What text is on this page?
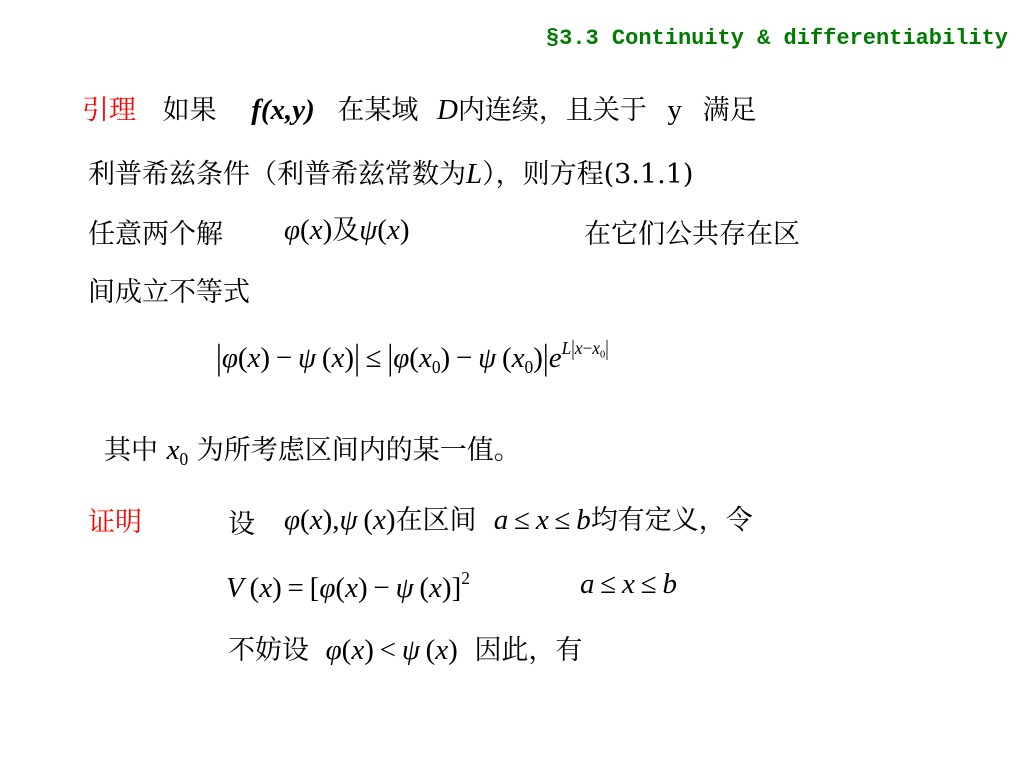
§3.3 Continuity & differentiability
引理 如果 f(x,y) 在某域 D内连续，且关于 y 满足
利普希兹条件（利普希兹常数为L），则方程(3.1.1)
任意两个解 φ(x)及ψ(x)	在它们公共存在区
间成立不等式
|φ(x) − ψ $(x)| \le |\varphi(x_0) - \psi$ $(x_0)|e^{L|x-x_0|}$
其中 $x_0$ 为所考虑区间内的某一值。
证明	设 φ(x),ψ (x)在区间 a ≤ x ≤ b均有定义，令
V (x) = [φ(x) − ψ (x)]$^2$	a ≤ x ≤ b
不妨设 φ(x) < ψ (x) 因此，有
